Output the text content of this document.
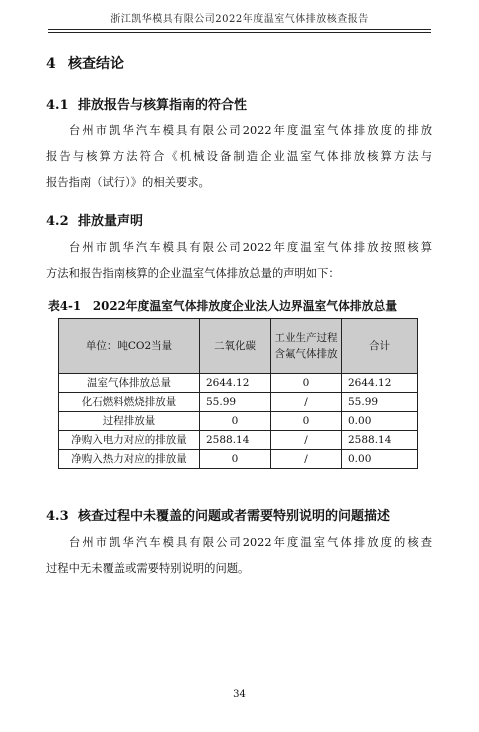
浙江凯华模具有限公司2022年度温室气体排放核查报告
4 核查结论
4.1 排放报告与核算指南的符合性
台州市凯华汽车模具有限公司2022年度温室气体排放度的排放
报告与核算方法符合《机械设备制造企业温室气体排放核算方法与
报告指南（试行）》的相关要求。
4.2 排放量声明
台州市凯华汽车模具有限公司2022年度温室气体排放按照核算
方法和报告指南核算的企业温室气体排放总量的声明如下：
表4-1　2022年度温室气体排放度企业法人边界温室气体排放总量
单位：吨CO2当量	二氧化碳	工业生产过程含氟气体排放	合计
温室气体排放总量	2644.12	0	2644.12
化石燃料燃烧排放量	55.99	/	55.99
过程排放量	0	0	0.00
净购入电力对应的排放量	2588.14	/	2588.14
净购入热力对应的排放量	0	/	0.00
4.3 核查过程中未覆盖的问题或者需要特别说明的问题描述
台州市凯华汽车模具有限公司2022年度温室气体排放度的核查
过程中无未覆盖或需要特别说明的问题。
34
